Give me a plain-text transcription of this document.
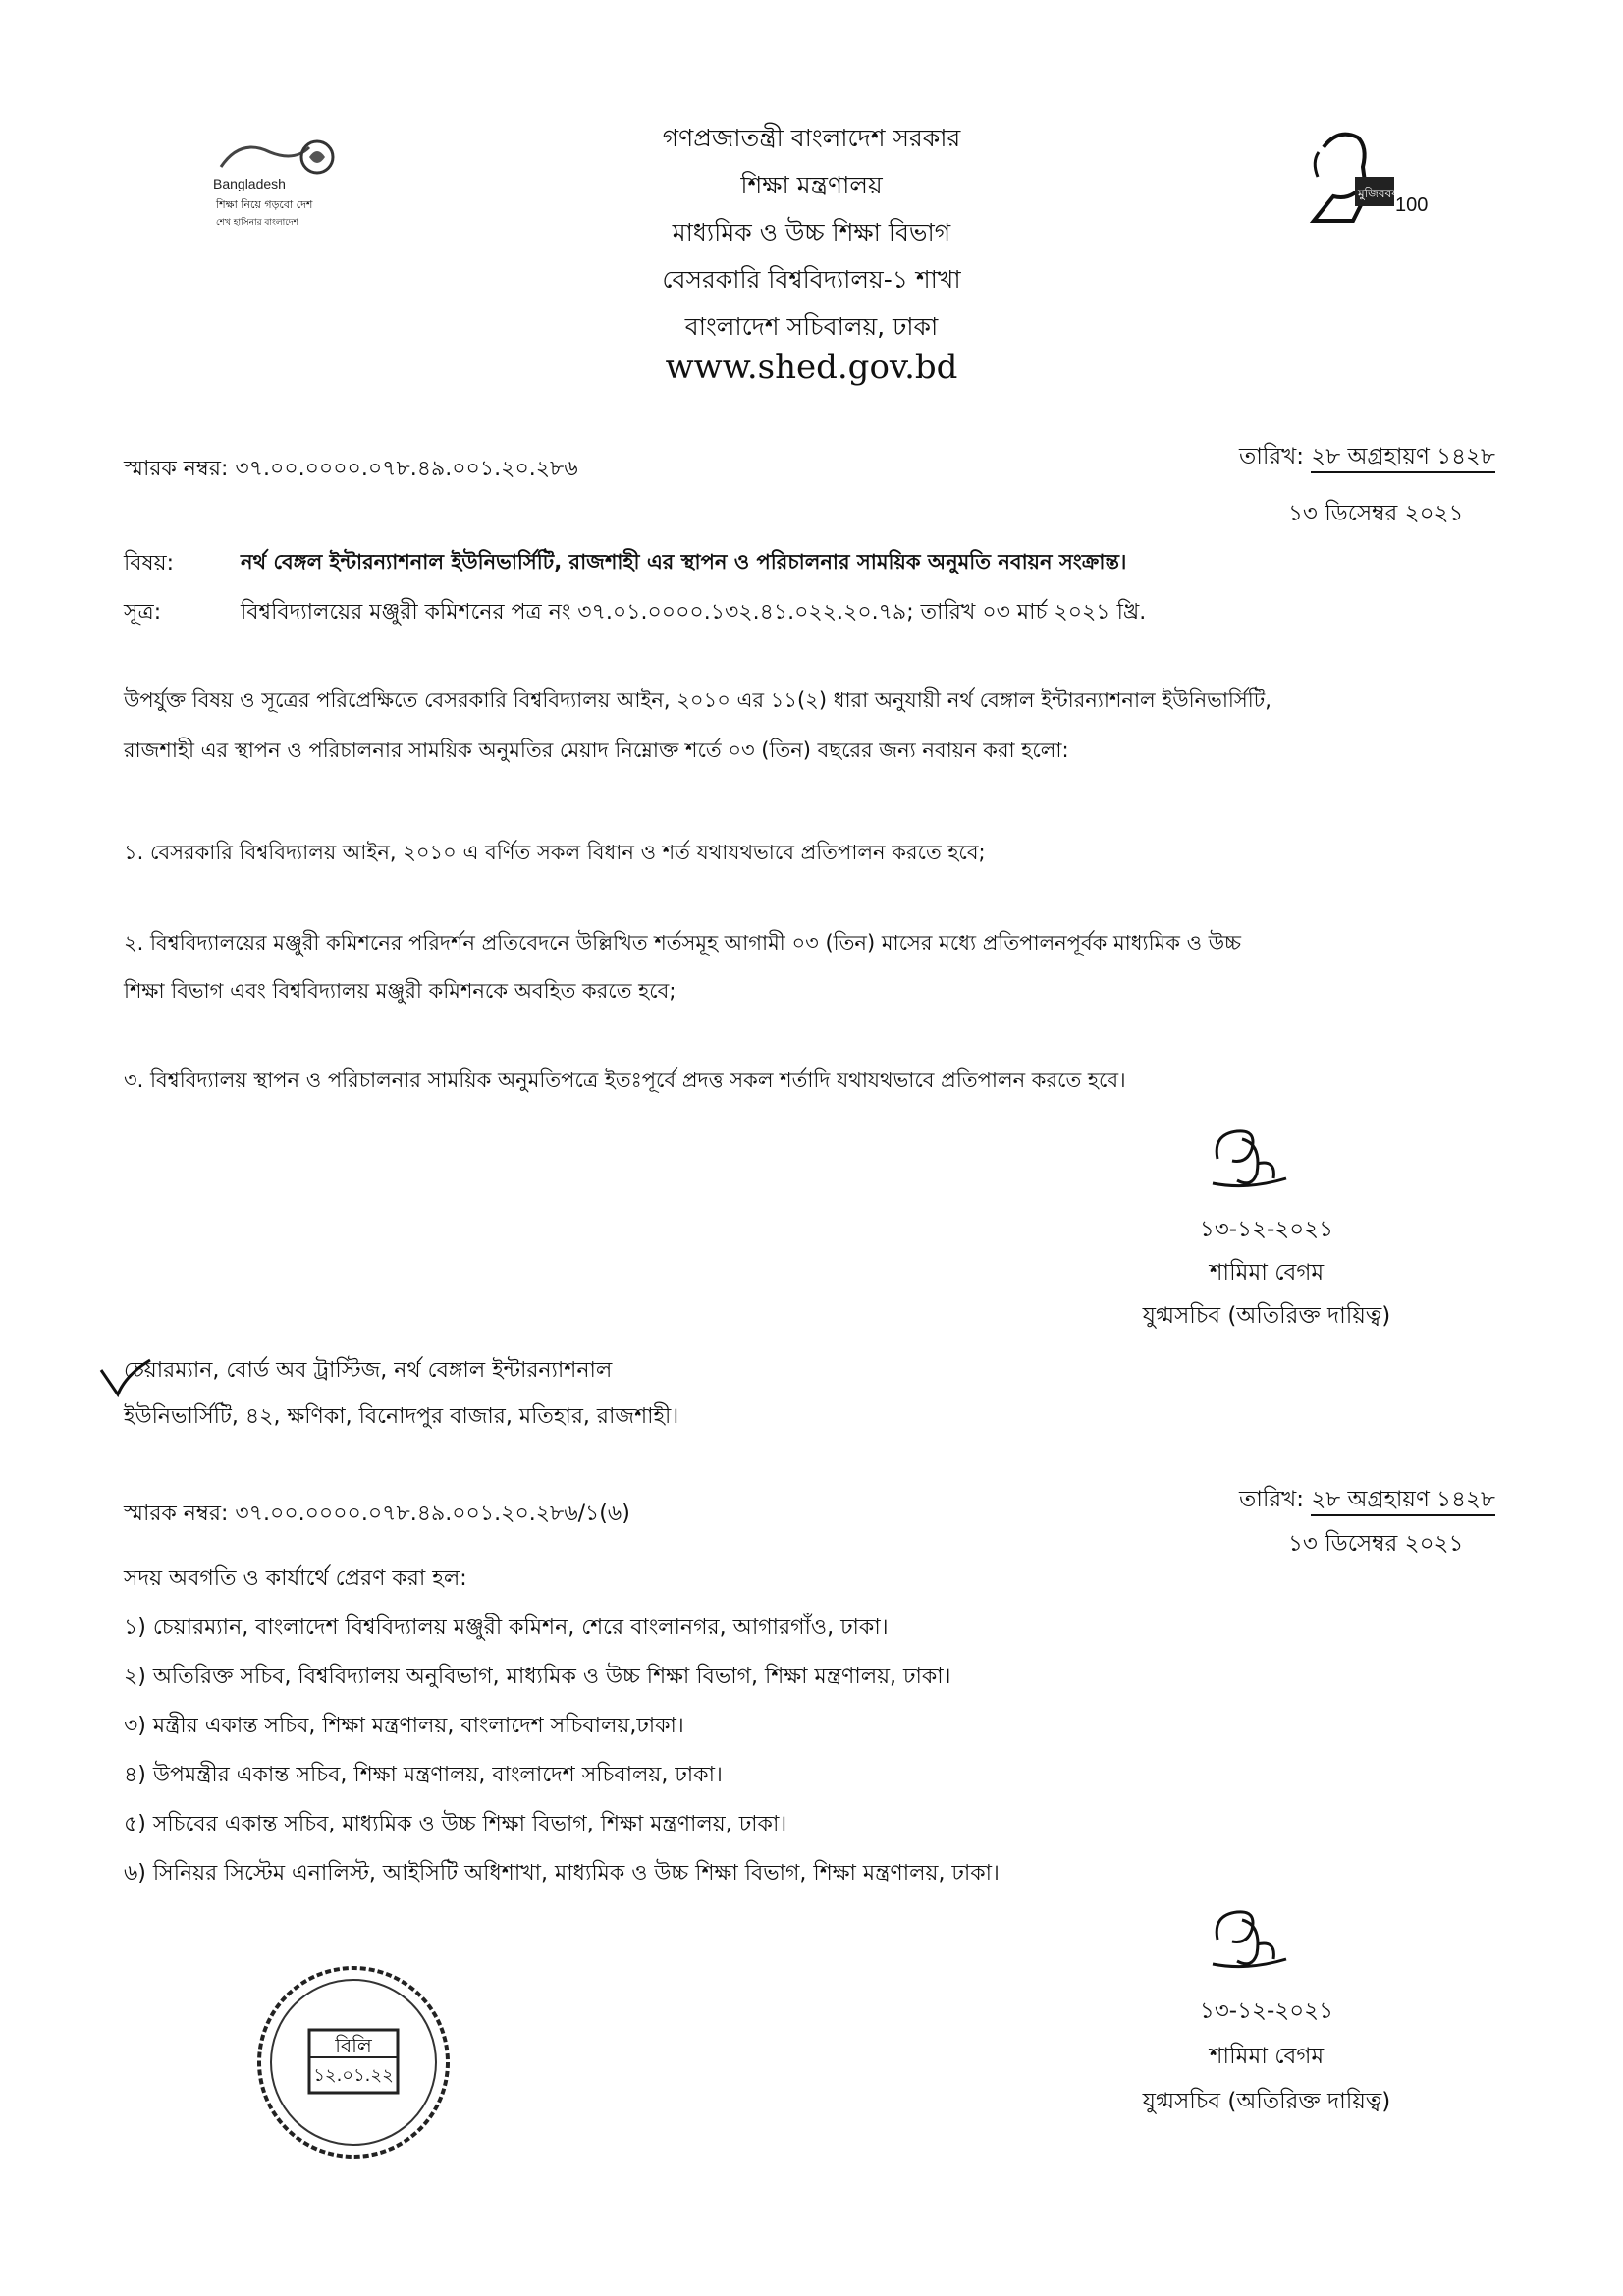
Bangladesh
শিক্ষা নিয়ে গড়বো দেশ
শেখ হাসিনার বাংলাদেশ
মুজিববর্ষ
100
গণপ্রজাতন্ত্রী বাংলাদেশ সরকার
শিক্ষা মন্ত্রণালয়
মাধ্যমিক ও উচ্চ শিক্ষা বিভাগ
বেসরকারি বিশ্ববিদ্যালয়-১ শাখা
বাংলাদেশ সচিবালয়, ঢাকা
www.shed.gov.bd
স্মারক নম্বর: ৩৭.০০.০০০০.০৭৮.৪৯.০০১.২০.২৮৬	তারিখ: ২৮ অগ্রহায়ণ ১৪২৮
১৩ ডিসেম্বর ২০২১
বিষয়:	নর্থ বেঙ্গল ইন্টারন্যাশনাল ইউনিভার্সিটি, রাজশাহী এর স্থাপন ও পরিচালনার সাময়িক অনুমতি নবায়ন সংক্রান্ত।
সূত্র:	বিশ্ববিদ্যালয়ের মঞ্জুরী কমিশনের পত্র নং ৩৭.০১.০০০০.১৩২.৪১.০২২.২০.৭৯; তারিখ ০৩ মার্চ ২০২১ খ্রি.
উপর্যুক্ত বিষয় ও সূত্রের পরিপ্রেক্ষিতে বেসরকারি বিশ্ববিদ্যালয় আইন, ২০১০ এর ১১(২) ধারা অনুযায়ী নর্থ বেঙ্গাল ইন্টারন্যাশনাল ইউনিভার্সিটি,
রাজশাহী এর স্থাপন ও পরিচালনার সাময়িক অনুমতির মেয়াদ নিম্নোক্ত শর্তে ০৩ (তিন) বছরের জন্য নবায়ন করা হলো:
১. বেসরকারি বিশ্ববিদ্যালয় আইন, ২০১০ এ বর্ণিত সকল বিধান ও শর্ত যথাযথভাবে প্রতিপালন করতে হবে;
২. বিশ্ববিদ্যালয়ের মঞ্জুরী কমিশনের পরিদর্শন প্রতিবেদনে উল্লিখিত শর্তসমূহ আগামী ০৩ (তিন) মাসের মধ্যে প্রতিপালনপূর্বক মাধ্যমিক ও উচ্চ
শিক্ষা বিভাগ এবং বিশ্ববিদ্যালয় মঞ্জুরী কমিশনকে অবহিত করতে হবে;
৩. বিশ্ববিদ্যালয় স্থাপন ও পরিচালনার সাময়িক অনুমতিপত্রে ইতঃপূর্বে প্রদত্ত সকল শর্তাদি যথাযথভাবে প্রতিপালন করতে হবে।
১৩-১২-২০২১
শামিমা বেগম
যুগ্মসচিব (অতিরিক্ত দায়িত্ব)
চেয়ারম্যান, বোর্ড অব ট্রাস্টিজ, নর্থ বেঙ্গাল ইন্টারন্যাশনাল
ইউনিভার্সিটি, ৪২, ক্ষণিকা, বিনোদপুর বাজার, মতিহার, রাজশাহী।
স্মারক নম্বর: ৩৭.০০.০০০০.০৭৮.৪৯.০০১.২০.২৮৬/১(৬)
তারিখ: ২৮ অগ্রহায়ণ ১৪২৮
১৩ ডিসেম্বর ২০২১
সদয় অবগতি ও কার্যার্থে প্রেরণ করা হল:
১) চেয়ারম্যান, বাংলাদেশ বিশ্ববিদ্যালয় মঞ্জুরী কমিশন, শেরে বাংলানগর, আগারগাঁও, ঢাকা।
২) অতিরিক্ত সচিব, বিশ্ববিদ্যালয় অনুবিভাগ, মাধ্যমিক ও উচ্চ শিক্ষা বিভাগ, শিক্ষা মন্ত্রণালয়, ঢাকা।
৩) মন্ত্রীর একান্ত সচিব, শিক্ষা মন্ত্রণালয়, বাংলাদেশ সচিবালয়,ঢাকা।
৪) উপমন্ত্রীর একান্ত সচিব, শিক্ষা মন্ত্রণালয়, বাংলাদেশ সচিবালয়, ঢাকা।
৫) সচিবের একান্ত সচিব, মাধ্যমিক ও উচ্চ শিক্ষা বিভাগ, শিক্ষা মন্ত্রণালয়, ঢাকা।
৬) সিনিয়র সিস্টেম এনালিস্ট, আইসিটি অধিশাখা, মাধ্যমিক ও উচ্চ শিক্ষা বিভাগ, শিক্ষা মন্ত্রণালয়, ঢাকা।
১৩-১২-২০২১
শামিমা বেগম
যুগ্মসচিব (অতিরিক্ত দায়িত্ব)
বিলি
১২.০১.২২
